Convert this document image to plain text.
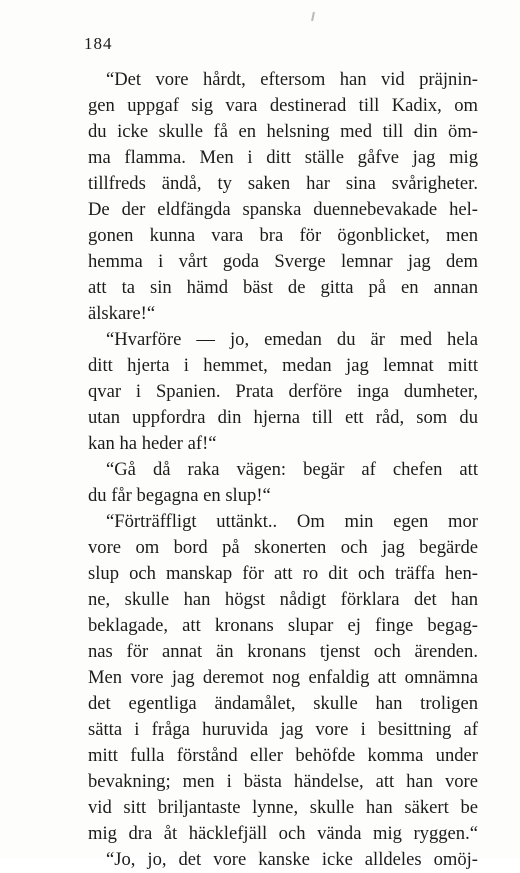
184
“Det vore hårdt, eftersom han vid präjnin-
gen uppgaf sig vara destinerad till Kadix, om
du icke skulle få en helsning med till din öm-
ma flamma. Men i ditt ställe gåfve jag mig
tillfreds ändå, ty saken har sina svårigheter.
De der eldfängda spanska duennebevakade hel-
gonen kunna vara bra för ögonblicket, men
hemma i vårt goda Sverge lemnar jag dem
att ta sin hämd bäst de gitta på en annan
älskare!“
“Hvarföre — jo, emedan du är med hela
ditt hjerta i hemmet, medan jag lemnat mitt
qvar i Spanien. Prata derföre inga dumheter,
utan uppfordra din hjerna till ett råd, som du
kan ha heder af!“
“Gå då raka vägen: begär af chefen att
du får begagna en slup!“
“Förträffligt uttänkt.. Om min egen mor
vore om bord på skonerten och jag begärde
slup och manskap för att ro dit och träffa hen-
ne, skulle han högst nådigt förklara det han
beklagade, att kronans slupar ej finge begag-
nas för annat än kronans tjenst och ärenden.
Men vore jag deremot nog enfaldig att omnämna
det egentliga ändamålet, skulle han troligen
sätta i fråga huruvida jag vore i besittning af
mitt fulla förstånd eller behöfde komma under
bevakning; men i bästa händelse, att han vore
vid sitt briljantaste lynne, skulle han säkert be
mig dra åt häcklefjäll och vända mig ryggen.“
“Jo, jo, det vore kanske icke alldeles omöj-
